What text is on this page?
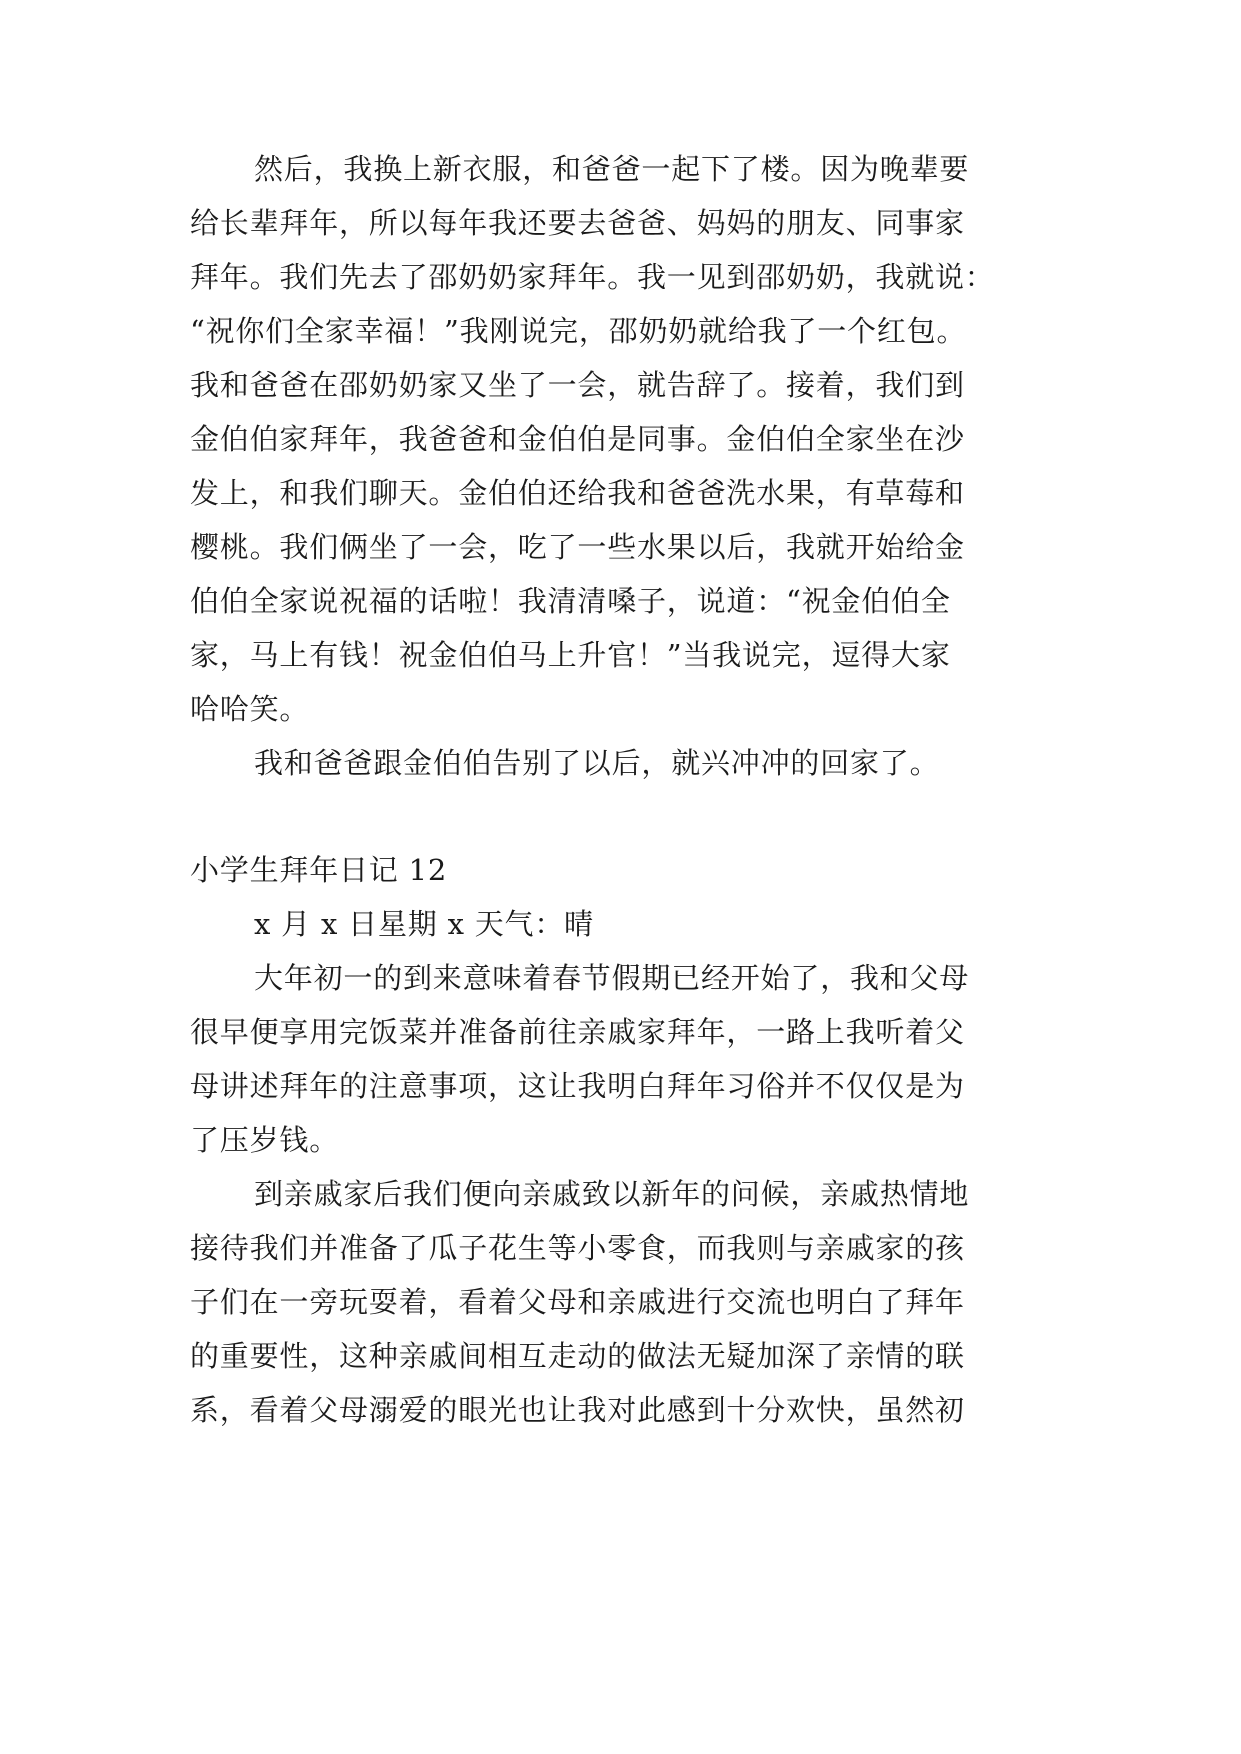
然后，我换上新衣服，和爸爸一起下了楼。因为晚辈要
给长辈拜年，所以每年我还要去爸爸、妈妈的朋友、同事家
拜年。我们先去了邵奶奶家拜年。我一见到邵奶奶，我就说：
“祝你们全家幸福！”我刚说完，邵奶奶就给我了一个红包。
我和爸爸在邵奶奶家又坐了一会，就告辞了。接着，我们到
金伯伯家拜年，我爸爸和金伯伯是同事。金伯伯全家坐在沙
发上，和我们聊天。金伯伯还给我和爸爸洗水果，有草莓和
樱桃。我们俩坐了一会，吃了一些水果以后，我就开始给金
伯伯全家说祝福的话啦！我清清嗓子，说道：“祝金伯伯全
家，马上有钱！祝金伯伯马上升官！”当我说完，逗得大家
哈哈笑。
我和爸爸跟金伯伯告别了以后，就兴冲冲的回家了。
小学生拜年日记 12
x 月 x 日星期 x 天气：晴
大年初一的到来意味着春节假期已经开始了，我和父母
很早便享用完饭菜并准备前往亲戚家拜年，一路上我听着父
母讲述拜年的注意事项，这让我明白拜年习俗并不仅仅是为
了压岁钱。
到亲戚家后我们便向亲戚致以新年的问候，亲戚热情地
接待我们并准备了瓜子花生等小零食，而我则与亲戚家的孩
子们在一旁玩耍着，看着父母和亲戚进行交流也明白了拜年
的重要性，这种亲戚间相互走动的做法无疑加深了亲情的联
系，看着父母溺爱的眼光也让我对此感到十分欢快，虽然初
